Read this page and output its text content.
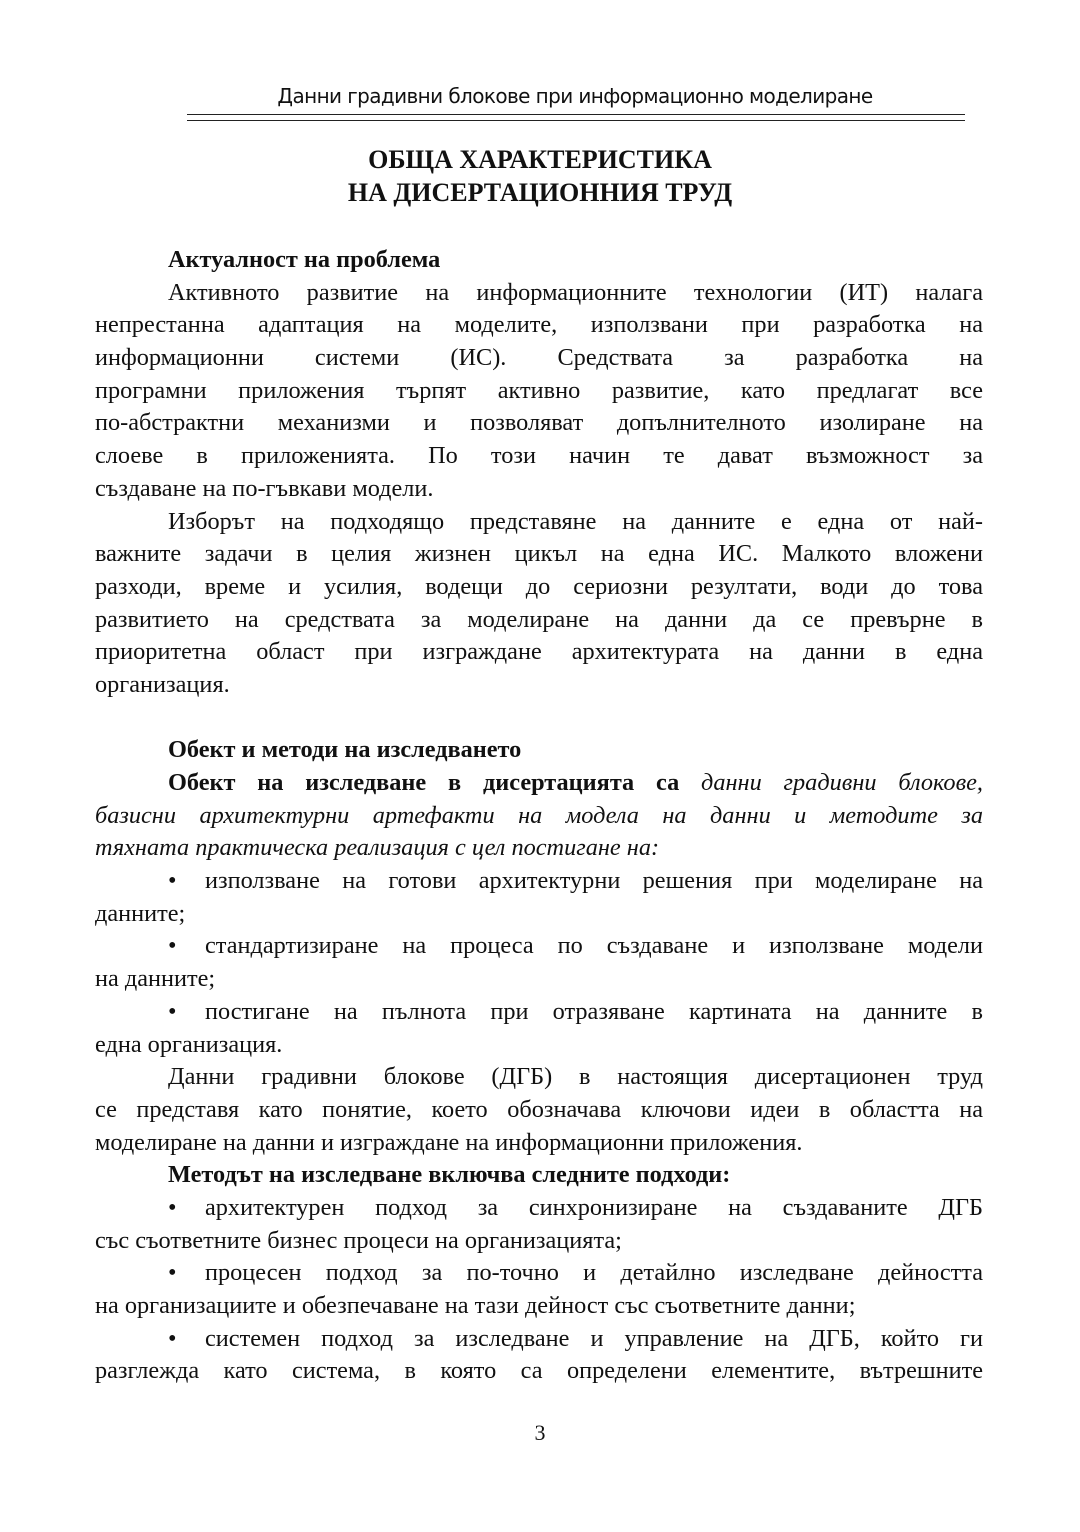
Данни градивни блокове при информационно моделиране
ОБЩА ХАРАКТЕРИСТИКА
НА ДИСЕРТАЦИОННИЯ ТРУД
Актуалност на проблема
Активното развитие на информационните технологии (ИТ) налага
непрестанна адаптация на моделите, използвани при разработка на
информационни системи (ИС). Средствата за разработка на
програмни приложения търпят активно развитие, като предлагат все
по-абстрактни механизми и позволяват допълнителното изолиране на
слоеве в приложенията. По този начин те дават възможност за
създаване на по-гъвкави модели.
Изборът на подходящо представяне на данните е една от най-
важните задачи в целия жизнен цикъл на една ИС. Малкото вложени
разходи, време и усилия, водещи до сериозни резултати, води до това
развитието на средствата за моделиране на данни да се превърне в
приоритетна област при изграждане архитектурата на данни в една
организация.
Обект и методи на изследването
Обект на изследване в дисертацията са данни градивни блокове,
базисни архитектурни артефакти на модела на данни и методите за
тяхната практическа реализация с цел постигане на:
• използване на готови архитектурни решения при моделиране на
данните;
• стандартизиране на процеса по създаване и използване модели
на данните;
• постигане на пълнота при отразяване картината на данните в
една организация.
Данни градивни блокове (ДГБ) в настоящия дисертационен труд
се представя като понятие, което обозначава ключови идеи в областта на
моделиране на данни и изграждане на информационни приложения.
Методът на изследване включва следните подходи:
• архитектурен подход за синхронизиране на създаваните ДГБ
със съответните бизнес процеси на организацията;
• процесен подход за по-точно и детайлно изследване дейността
на организациите и обезпечаване на тази дейност със съответните данни;
• системен подход за изследване и управление на ДГБ, който ги
разглежда като система, в която са определени елементите, вътрешните
3
